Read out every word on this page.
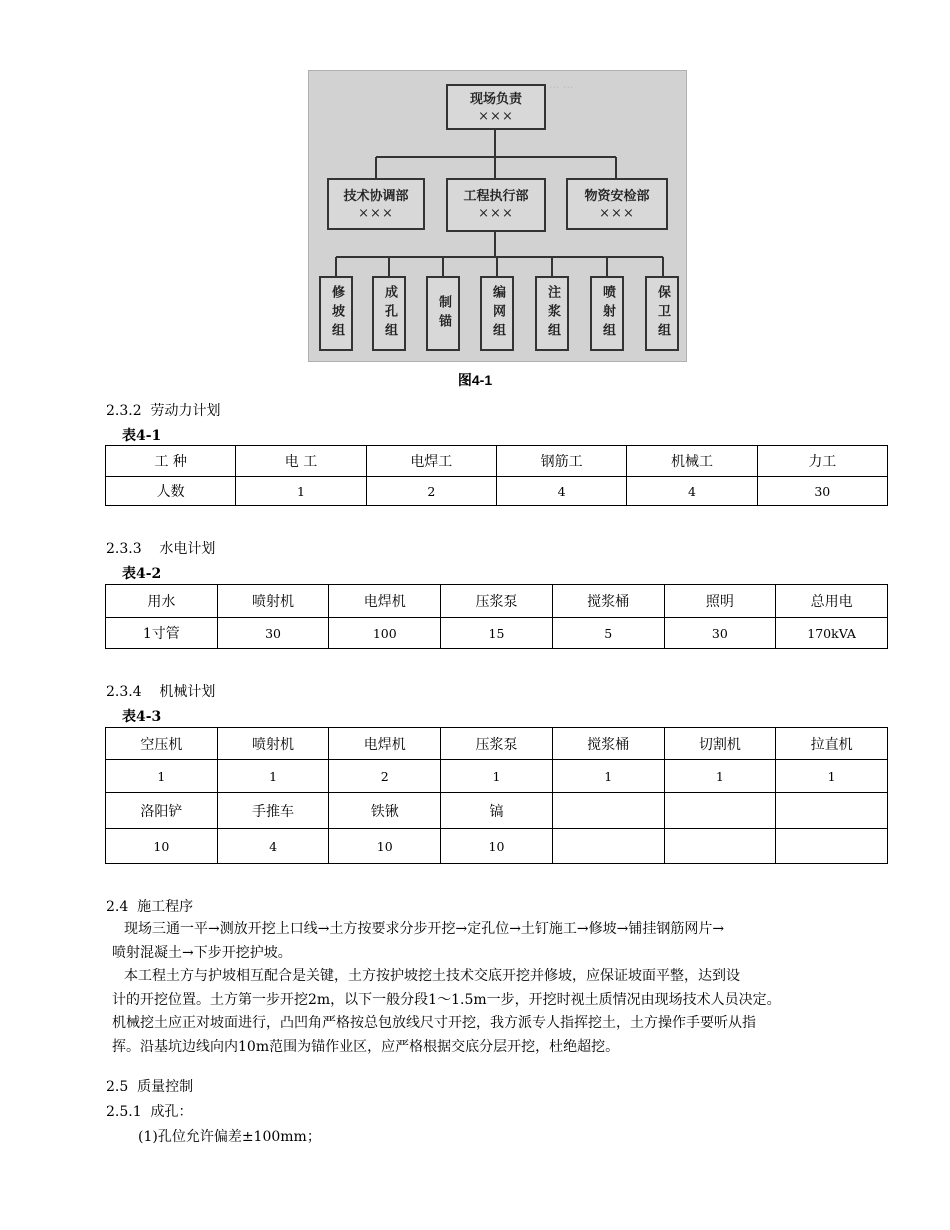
··· ···
现场负责
×××
技术协调部
×××
工程执行部
×××
物资安检部
×××
修坡组	成孔组	制锚	编网组	注浆组	喷射组	保卫组
图4-1
2.3.2  劳动力计划
表4-1
工 种	电 工	电焊工	钢筋工	机械工	力工
人数	1	2	4	4	30
2.3.3    水电计划
表4-2
用水	喷射机	电焊机	压浆泵	搅浆桶	照明	总用电
1寸管	30	100	15	5	30	170kVA
2.3.4    机械计划
表4-3
空压机	喷射机	电焊机	压浆泵	搅浆桶	切割机	拉直机
1	1	2	1	1	1	1
洛阳铲	手推车	铁锹	镐			
10	4	10	10			
2.4  施工程序
现场三通一平→测放开挖上口线→土方按要求分步开挖→定孔位→土钉施工→修坡→铺挂钢筋网片→
喷射混凝土→下步开挖护坡。
本工程土方与护坡相互配合是关键，土方按护坡挖土技术交底开挖并修坡，应保证坡面平整，达到设
计的开挖位置。土方第一步开挖2m，以下一般分段1～1.5m一步，开挖时视土质情况由现场技术人员决定。
机械挖土应正对坡面进行，凸凹角严格按总包放线尺寸开挖，我方派专人指挥挖土，土方操作手要听从指
挥。沿基坑边线向内10m范围为锚作业区，应严格根据交底分层开挖，杜绝超挖。
2.5  质量控制
2.5.1  成孔：
(1)孔位允许偏差±100mm；
